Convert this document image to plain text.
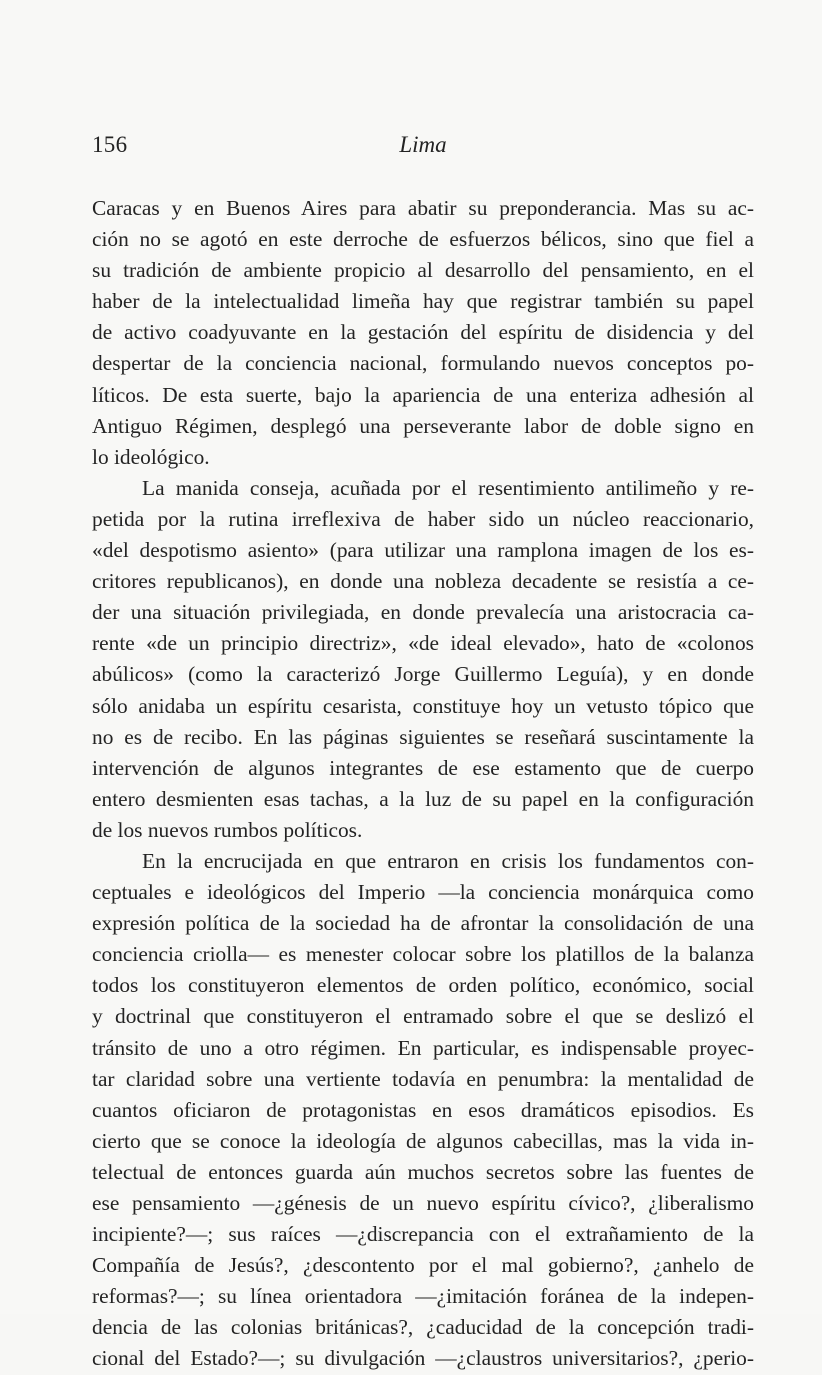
156	Lima
Caracas y en Buenos Aires para abatir su preponderancia. Mas su ac-
ción no se agotó en este derroche de esfuerzos bélicos, sino que fiel a
su tradición de ambiente propicio al desarrollo del pensamiento, en el
haber de la intelectualidad limeña hay que registrar también su papel
de activo coadyuvante en la gestación del espíritu de disidencia y del
despertar de la conciencia nacional, formulando nuevos conceptos po-
líticos. De esta suerte, bajo la apariencia de una enteriza adhesión al
Antiguo Régimen, desplegó una perseverante labor de doble signo en
lo ideológico.
La manida conseja, acuñada por el resentimiento antilimeño y re-
petida por la rutina irreflexiva de haber sido un núcleo reaccionario,
«del despotismo asiento» (para utilizar una ramplona imagen de los es-
critores republicanos), en donde una nobleza decadente se resistía a ce-
der una situación privilegiada, en donde prevalecía una aristocracia ca-
rente «de un principio directriz», «de ideal elevado», hato de «colonos
abúlicos» (como la caracterizó Jorge Guillermo Leguía), y en donde
sólo anidaba un espíritu cesarista, constituye hoy un vetusto tópico que
no es de recibo. En las páginas siguientes se reseñará suscintamente la
intervención de algunos integrantes de ese estamento que de cuerpo
entero desmienten esas tachas, a la luz de su papel en la configuración
de los nuevos rumbos políticos.
En la encrucijada en que entraron en crisis los fundamentos con-
ceptuales e ideológicos del Imperio —la conciencia monárquica como
expresión política de la sociedad ha de afrontar la consolidación de una
conciencia criolla— es menester colocar sobre los platillos de la balanza
todos los constituyeron elementos de orden político, económico, social
y doctrinal que constituyeron el entramado sobre el que se deslizó el
tránsito de uno a otro régimen. En particular, es indispensable proyec-
tar claridad sobre una vertiente todavía en penumbra: la mentalidad de
cuantos oficiaron de protagonistas en esos dramáticos episodios. Es
cierto que se conoce la ideología de algunos cabecillas, mas la vida in-
telectual de entonces guarda aún muchos secretos sobre las fuentes de
ese pensamiento —¿génesis de un nuevo espíritu cívico?, ¿liberalismo
incipiente?—; sus raíces —¿discrepancia con el extrañamiento de la
Compañía de Jesús?, ¿descontento por el mal gobierno?, ¿anhelo de
reformas?—; su línea orientadora —¿imitación foránea de la indepen-
dencia de las colonias británicas?, ¿caducidad de la concepción tradi-
cional del Estado?—; su divulgación —¿claustros universitarios?, ¿perio-
